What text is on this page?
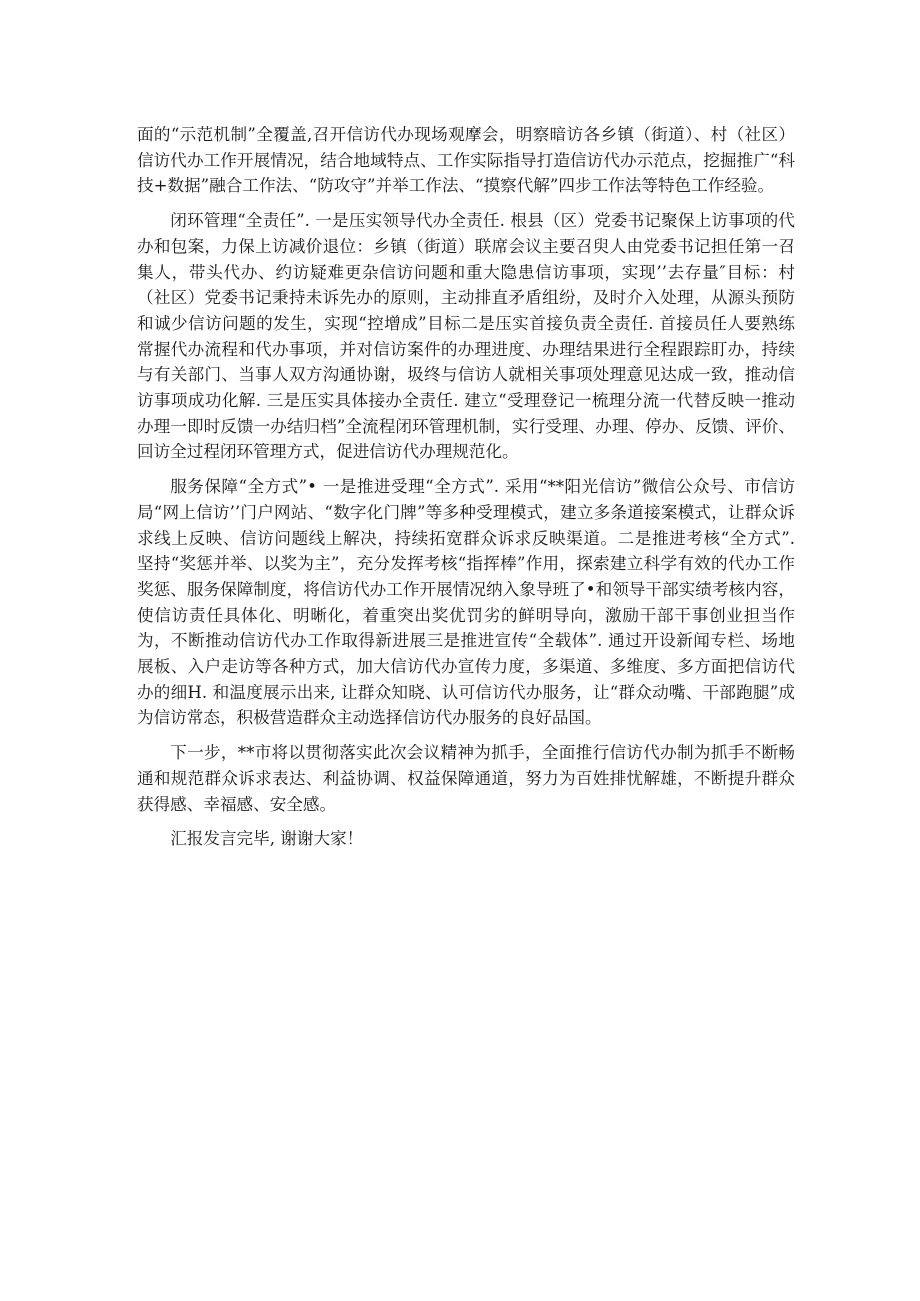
面的“示范机制”全覆盖,召开信访代办现场观摩会，明察暗访各乡镇（街道）、村（社区）信访代办工作开展情况，结合地域特点、工作实际指导打造信访代办示范点，挖掘推广“科技+数据”融合工作法、“防攻守”并举工作法、“摸察代解”四步工作法等特色工作经验。

闭环管理“全责任”. 一是压实领导代办全责任. 根县（区）党委书记聚保上访事项的代办和包案，力保上访减价退位：乡镇（街道）联席会议主要召臾人由党委书记担任第一召集人，带头代办、约访疑难更杂信访问题和重大隐患信访事项，实现’’去存量″目标：村（社区）党委书记秉持未诉先办的原则，主动排直矛盾组纷，及时介入处理，从源头预防和诚少信访问题的发生，实现“控增成”目标二是压实首接负责全责任. 首接员任人要熟练常握代办流程和代办事项，并对信访案件的办理进度、办理结果进行全程跟踪盯办，持续与有关部门、当事人双方沟通协谢，圾终与信访人就相关事项处理意见达成一致，推动信访事项成功化解. 三是压实具体接办全责任. 建立“受理登记一梳理分流一代替反映一推动办理一即时反馈一办结归档”全流程闭环管理机制，实行受理、办理、停办、反馈、评价、回访全过程闭环管理方式，促进信访代办理规范化。

服务保障“全方式”• 一是推进受理“全方式”. 采用“**阳光信访”微信公众号、市信访局“网上信访’’门户网站、“数字化门牌”等多种受理模式，建立多条道接案模式，让群众诉求线上反映、信访问题线上解决，持续拓宽群众诉求反映渠道。二是推进考核“全方式”. 坚持“奖惩并举、以奖为主”，充分发挥考核“指挥棒”作用，探索建立科学有效的代办工作奖惩、服务保障制度，将信访代办工作开展情况纳入象导班了•和领导干部实绩考核内容，使信访责任具体化、明晰化，着重突出奖优罚劣的鲜明导向，激励干部干事创业担当作为，不断推动信访代办工作取得新进展三是推进宣传“全载体”. 通过开设新闻专栏、场地展板、入户走访等各种方式，加大信访代办宣传力度，多渠道、多维度、多方面把信访代办的细H. 和温度展示出来, 让群众知晓、认可信访代办服务，让“群众动嘴、干部跑腿”成为信访常态，积极营造群众主动选择信访代办服务的良好品国。

下一步，**市将以贯彻落实此次会议精神为抓手，全面推行信访代办制为抓手不断畅通和规范群众诉求表达、利益协调、权益保障通道，努力为百姓排忧解雄，不断提升群众获得感、幸福感、安全感。

汇报发言完毕, 谢谢大家！
